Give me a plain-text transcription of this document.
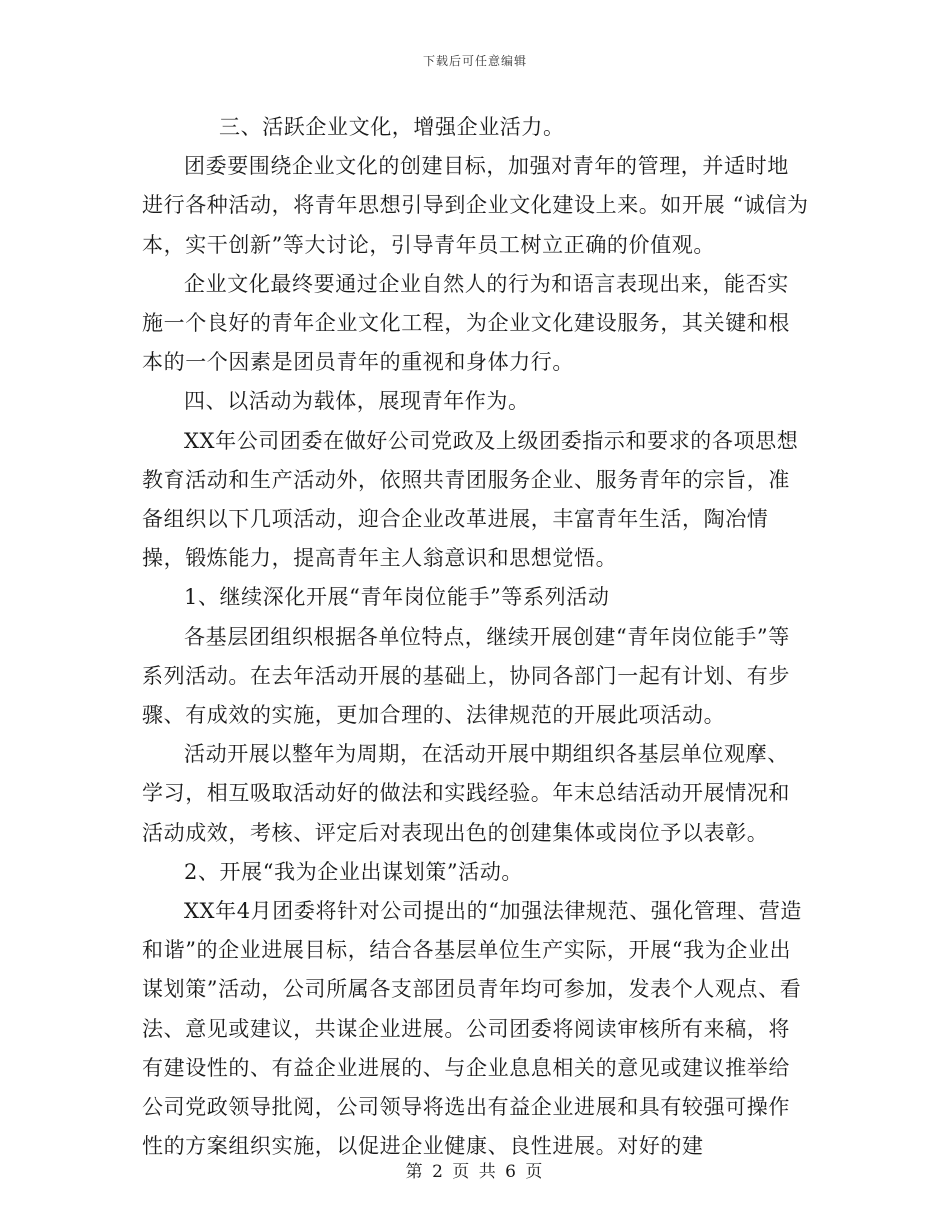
下载后可任意编辑

三、活跃企业文化，增强企业活力。

团委要围绕企业文化的创建目标，加强对青年的管理，并适时地进行各种活动，将青年思想引导到企业文化建设上来。如开展 “诚信为本，实干创新”等大讨论，引导青年员工树立正确的价值观。

企业文化最终要通过企业自然人的行为和语言表现出来，能否实施一个良好的青年企业文化工程，为企业文化建设服务，其关键和根本的一个因素是团员青年的重视和身体力行。

四、以活动为载体，展现青年作为。

XX年公司团委在做好公司党政及上级团委指示和要求的各项思想教育活动和生产活动外，依照共青团服务企业、服务青年的宗旨，准备组织以下几项活动，迎合企业改革进展，丰富青年生活，陶冶情操，锻炼能力，提高青年主人翁意识和思想觉悟。

1、继续深化开展“青年岗位能手”等系列活动

各基层团组织根据各单位特点，继续开展创建“青年岗位能手”等系列活动。在去年活动开展的基础上，协同各部门一起有计划、有步骤、有成效的实施，更加合理的、法律规范的开展此项活动。

活动开展以整年为周期，在活动开展中期组织各基层单位观摩、学习，相互吸取活动好的做法和实践经验。年末总结活动开展情况和活动成效，考核、评定后对表现出色的创建集体或岗位予以表彰。

2、开展“我为企业出谋划策”活动。

XX年4月团委将针对公司提出的“加强法律规范、强化管理、营造和谐”的企业进展目标，结合各基层单位生产实际，开展“我为企业出谋划策”活动，公司所属各支部团员青年均可参加，发表个人观点、看法、意见或建议，共谋企业进展。公司团委将阅读审核所有来稿，将有建设性的、有益企业进展的、与企业息息相关的意见或建议推举给公司党政领导批阅，公司领导将选出有益企业进展和具有较强可操作性的方案组织实施，以促进企业健康、良性进展。对好的建

第 2 页 共 6 页
